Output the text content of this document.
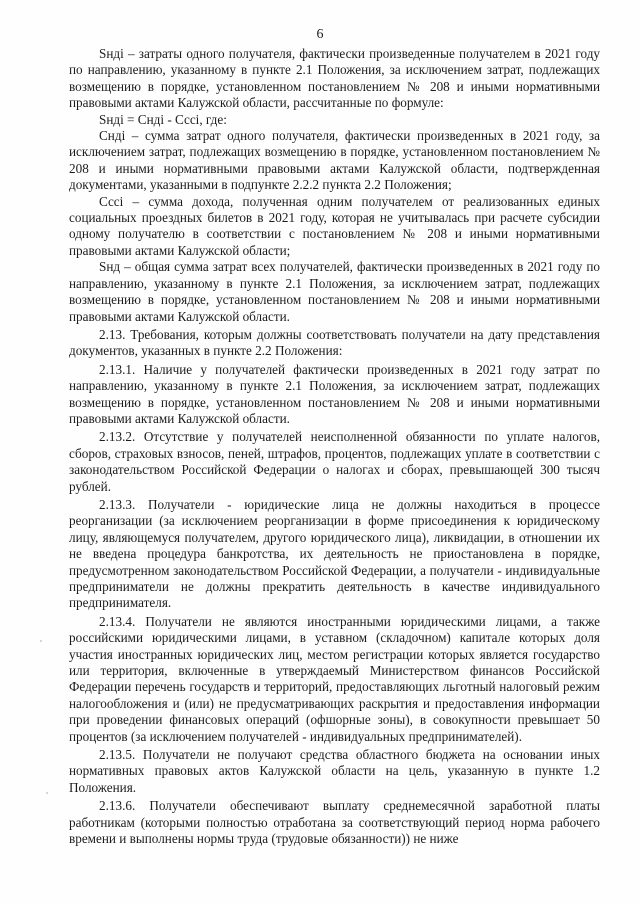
6

Sнді – затраты одного получателя, фактически произведенные получателем в 2021 году по направлению, указанному в пункте 2.1 Положения, за исключением затрат, подлежащих возмещению в порядке, установленном постановлением № 208 и иными нормативными правовыми актами Калужской области, рассчитанные по формуле:

Sнді = Снді - Сссі, где:

Снді – сумма затрат одного получателя, фактически произведенных в 2021 году, за исключением затрат, подлежащих возмещению в порядке, установленном постановлением № 208 и иными нормативными правовыми актами Калужской области, подтвержденная документами, указанными в подпункте 2.2.2 пункта 2.2 Положения;

Сссі – сумма дохода, полученная одним получателем от реализованных единых социальных проездных билетов в 2021 году, которая не учитывалась при расчете субсидии одному получателю в соответствии с постановлением № 208 и иными нормативными правовыми актами Калужской области;

Sнд – общая сумма затрат всех получателей, фактически произведенных в 2021 году по направлению, указанному в пункте 2.1 Положения, за исключением затрат, подлежащих возмещению в порядке, установленном постановлением № 208 и иными нормативными правовыми актами Калужской области.

2.13. Требования, которым должны соответствовать получатели на дату представления документов, указанных в пункте 2.2 Положения:

2.13.1. Наличие у получателей фактически произведенных в 2021 году затрат по направлению, указанному в пункте 2.1 Положения, за исключением затрат, подлежащих возмещению в порядке, установленном постановлением № 208 и иными нормативными правовыми актами Калужской области.

2.13.2. Отсутствие у получателей неисполненной обязанности по уплате налогов, сборов, страховых взносов, пеней, штрафов, процентов, подлежащих уплате в соответствии с законодательством Российской Федерации о налогах и сборах, превышающей 300 тысяч рублей.

2.13.3. Получатели - юридические лица не должны находиться в процессе реорганизации (за исключением реорганизации в форме присоединения к юридическому лицу, являющемуся получателем, другого юридического лица), ликвидации, в отношении их не введена процедура банкротства, их деятельность не приостановлена в порядке, предусмотренном законодательством Российской Федерации, а получатели - индивидуальные предприниматели не должны прекратить деятельность в качестве индивидуального предпринимателя.

2.13.4. Получатели не являются иностранными юридическими лицами, а также российскими юридическими лицами, в уставном (складочном) капитале которых доля участия иностранных юридических лиц, местом регистрации которых является государство или территория, включенные в утверждаемый Министерством финансов Российской Федерации перечень государств и территорий, предоставляющих льготный налоговый режим налогообложения и (или) не предусматривающих раскрытия и предоставления информации при проведении финансовых операций (офшорные зоны), в совокупности превышает 50 процентов (за исключением получателей - индивидуальных предпринимателей).

2.13.5. Получатели не получают средства областного бюджета на основании иных нормативных правовых актов Калужской области на цель, указанную в пункте 1.2 Положения.

2.13.6. Получатели обеспечивают выплату среднемесячной заработной платы работникам (которыми полностью отработана за соответствующий период норма рабочего времени и выполнены нормы труда (трудовые обязанности)) не ниже
